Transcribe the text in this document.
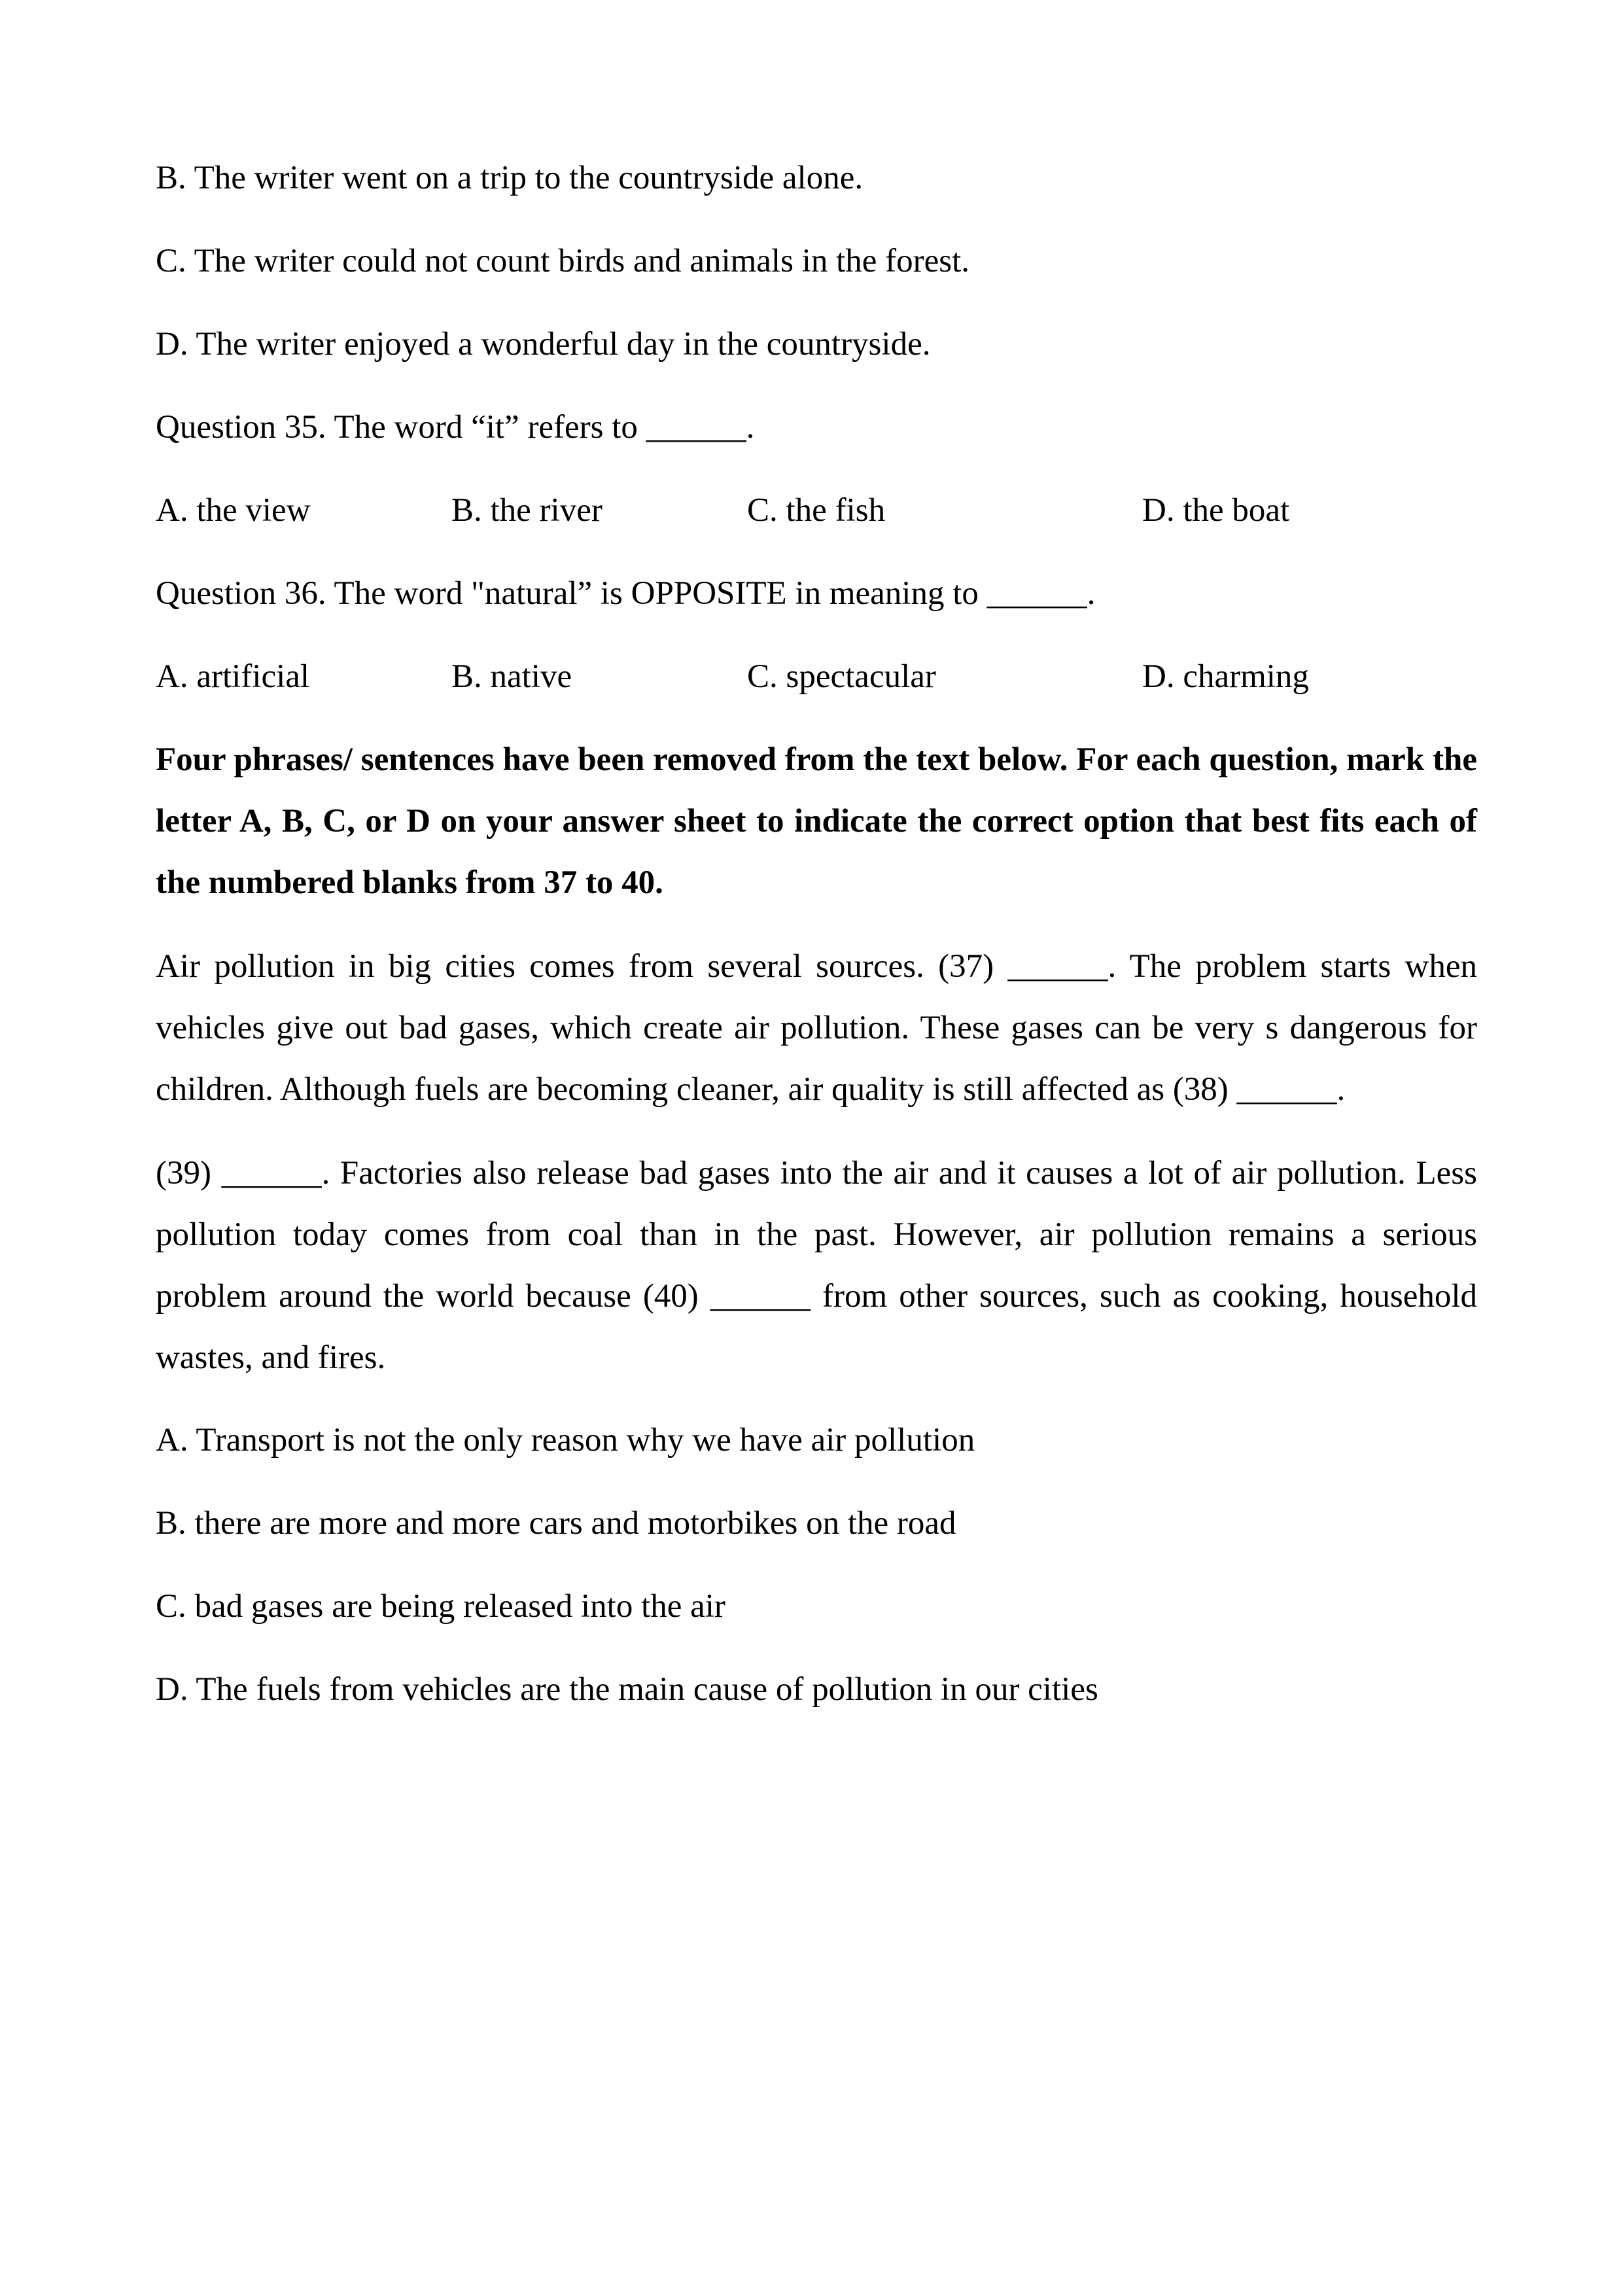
B. The writer went on a trip to the countryside alone.
C. The writer could not count birds and animals in the forest.
D. The writer enjoyed a wonderful day in the countryside.
Question 35. The word “it” refers to ______.
A. the view	B. the river	C. the fish	D. the boat
Question 36. The word "natural” is OPPOSITE in meaning to ______.
A. artificial	B. native	C. spectacular	D. charming
Four phrases/ sentences have been removed from the text below. For each question, mark the letter A, B, C, or D on your answer sheet to indicate the correct option that best fits each of the numbered blanks from 37 to 40.
Air pollution in big cities comes from several sources. (37) ______. The problem starts when vehicles give out bad gases, which create air pollution. These gases can be very s dangerous for children. Although fuels are becoming cleaner, air quality is still affected as (38) ______.
(39) ______. Factories also release bad gases into the air and it causes a lot of air pollution. Less pollution today comes from coal than in the past. However, air pollution remains a serious problem around the world because (40) ______ from other sources, such as cooking, household wastes, and fires.
A. Transport is not the only reason why we have air pollution
B. there are more and more cars and motorbikes on the road
C. bad gases are being released into the air
D. The fuels from vehicles are the main cause of pollution in our cities
